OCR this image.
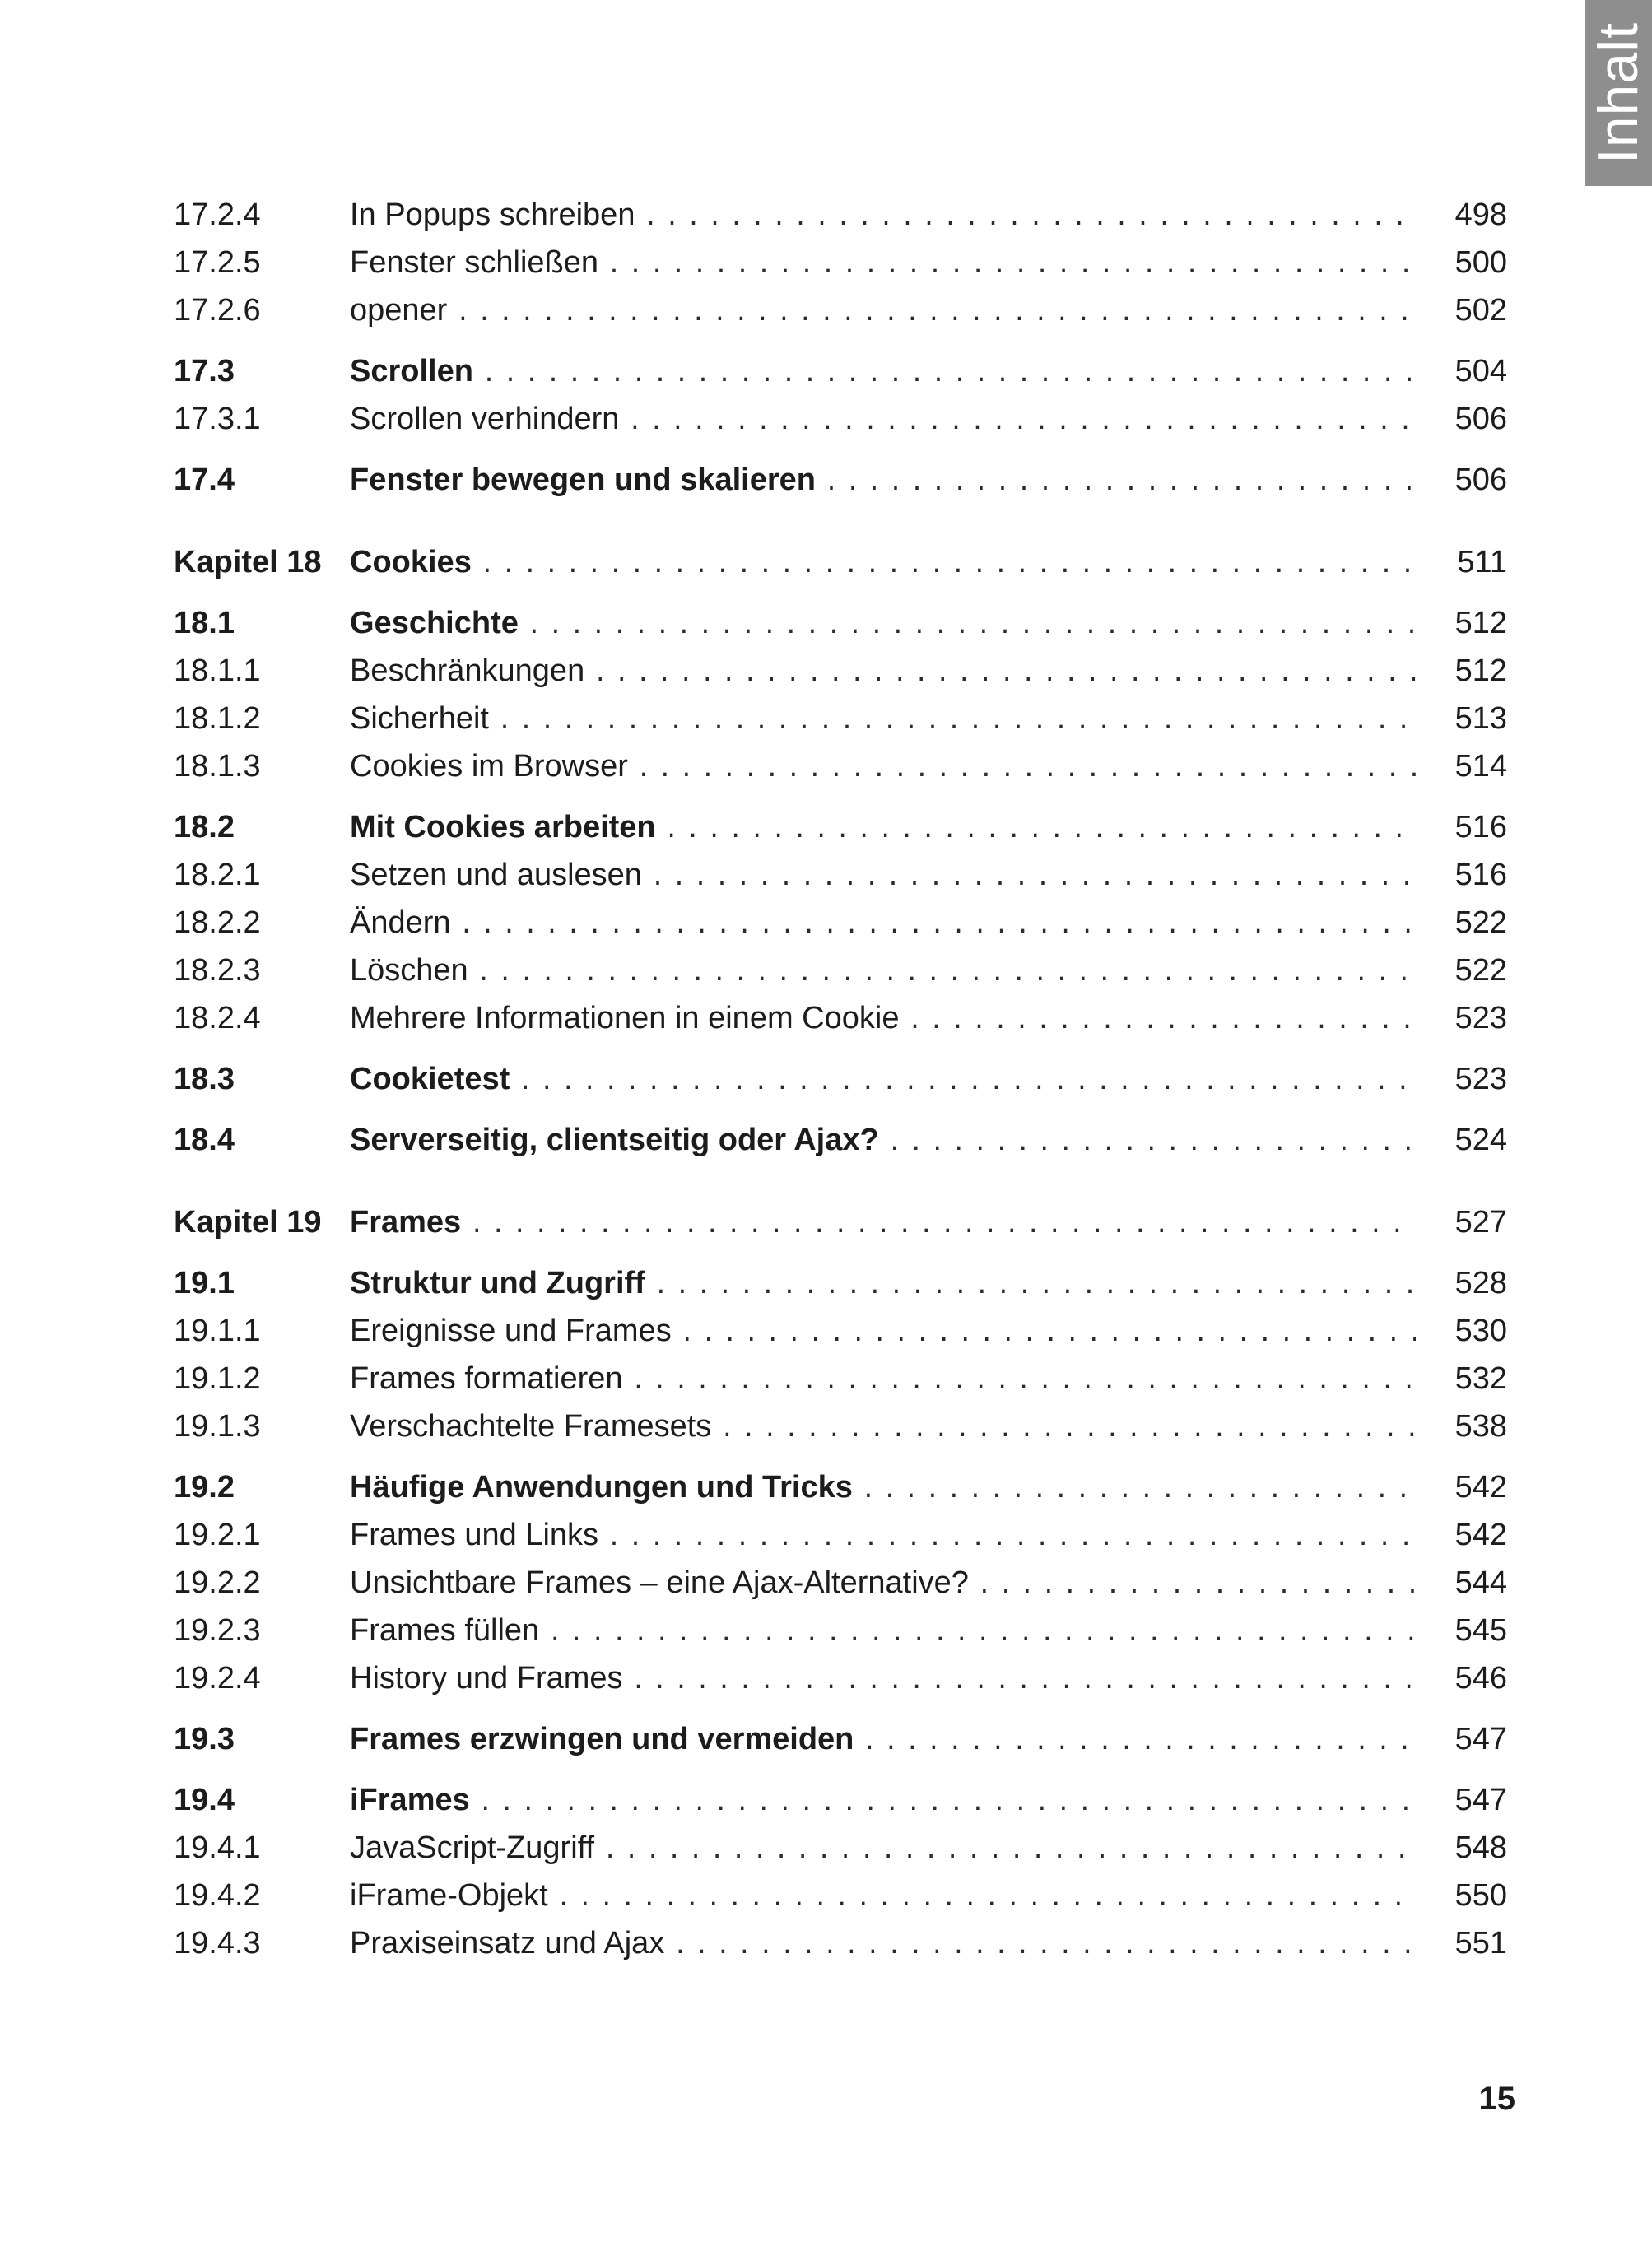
Inhalt
17.2.4	In Popups schreiben .....	498
17.2.5	Fenster schließen .....	500
17.2.6	opener .....	502
17.3	Scrollen .....	504
17.3.1	Scrollen verhindern .....	506
17.4	Fenster bewegen und skalieren .....	506
Kapitel 18 Cookies .....	511
18.1	Geschichte .....	512
18.1.1	Beschränkungen .....	512
18.1.2	Sicherheit .....	513
18.1.3	Cookies im Browser .....	514
18.2	Mit Cookies arbeiten .....	516
18.2.1	Setzen und auslesen .....	516
18.2.2	Ändern .....	522
18.2.3	Löschen .....	522
18.2.4	Mehrere Informationen in einem Cookie .....	523
18.3	Cookietest .....	523
18.4	Serverseitig, clientseitig oder Ajax? .....	524
Kapitel 19 Frames .....	527
19.1	Struktur und Zugriff .....	528
19.1.1	Ereignisse und Frames .....	530
19.1.2	Frames formatieren .....	532
19.1.3	Verschachtelte Framesets .....	538
19.2	Häufige Anwendungen und Tricks .....	542
19.2.1	Frames und Links .....	542
19.2.2	Unsichtbare Frames – eine Ajax-Alternative? .....	544
19.2.3	Frames füllen .....	545
19.2.4	History und Frames .....	546
19.3	Frames erzwingen und vermeiden .....	547
19.4	iFrames .....	547
19.4.1	JavaScript-Zugriff .....	548
19.4.2	iFrame-Objekt .....	550
19.4.3	Praxiseinsatz und Ajax .....	551
15
